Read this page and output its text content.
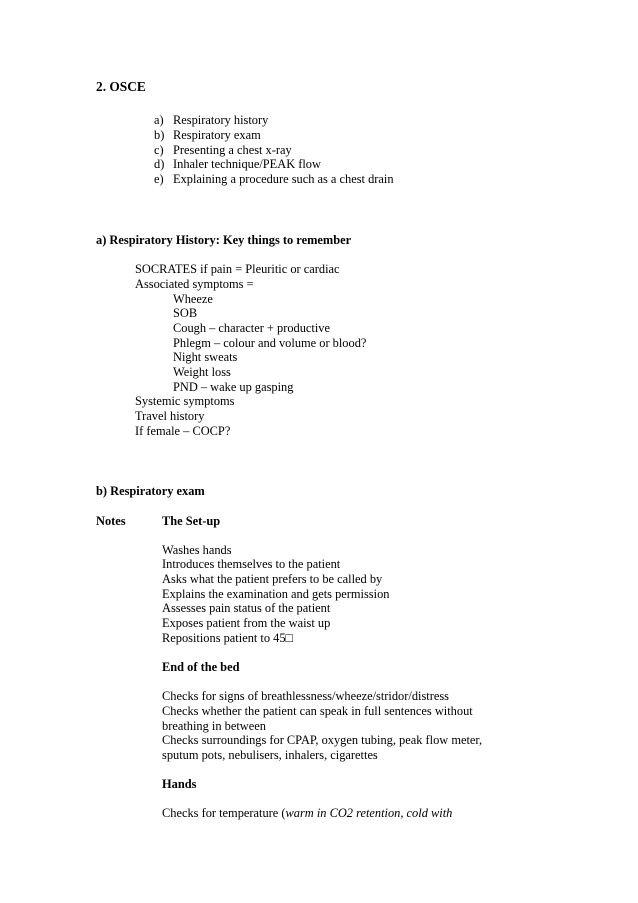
2. OSCE
a) Respiratory history
b) Respiratory exam
c) Presenting a chest x-ray
d) Inhaler technique/PEAK flow
e) Explaining a procedure such as a chest drain
a) Respiratory History: Key things to remember
SOCRATES if pain = Pleuritic or cardiac
Associated symptoms =
Wheeze
SOB
Cough – character + productive
Phlegm – colour and volume or blood?
Night sweats
Weight loss
PND – wake up gasping
Systemic symptoms
Travel history
If female – COCP?
b) Respiratory exam
Notes	The Set-up
Washes hands
Introduces themselves to the patient
Asks what the patient prefers to be called by
Explains the examination and gets permission
Assesses pain status of the patient
Exposes patient from the waist up
Repositions patient to 45□
End of the bed
Checks for signs of breathlessness/wheeze/stridor/distress
Checks whether the patient can speak in full sentences without
breathing in between
Checks surroundings for CPAP, oxygen tubing, peak flow meter,
sputum pots, nebulisers, inhalers, cigarettes
Hands
Checks for temperature (warm in CO2 retention, cold with
